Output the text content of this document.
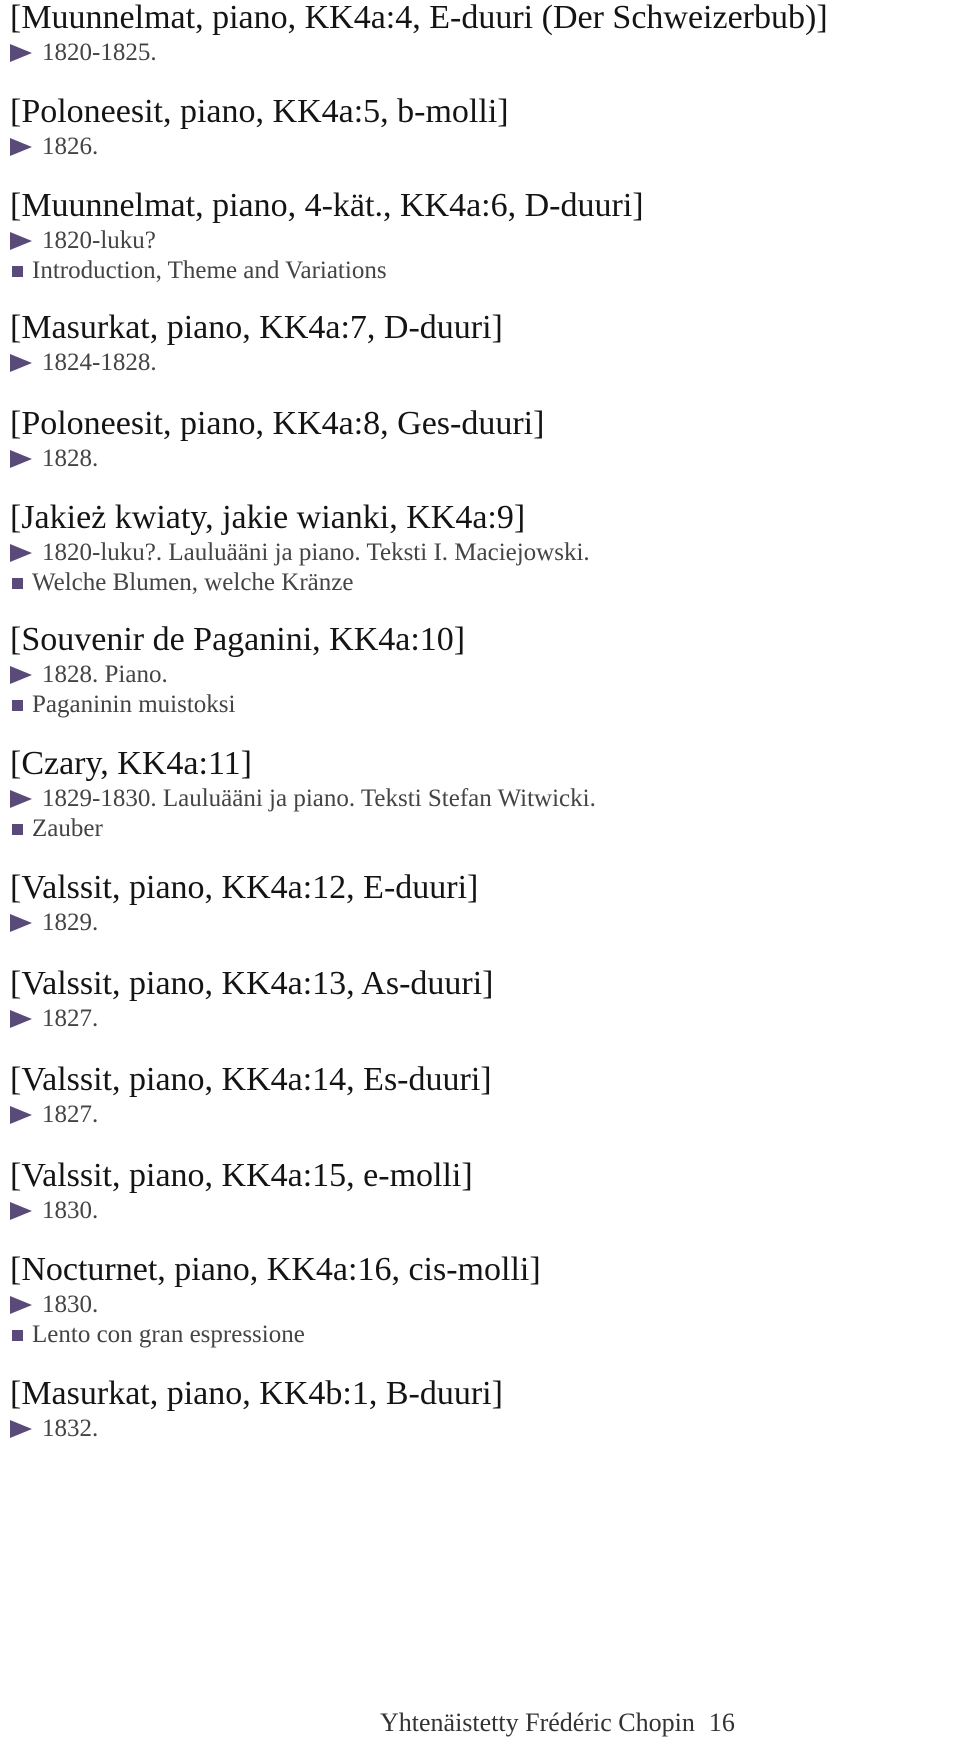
[Muunnelmat, piano, KK4a:4, E-duuri (Der Schweizerbub)]
1820-1825.
[Poloneesit, piano, KK4a:5, b-molli]
1826.
[Muunnelmat, piano, 4-kät., KK4a:6, D-duuri]
1820-luku?
Introduction, Theme and Variations
[Masurkat, piano, KK4a:7, D-duuri]
1824-1828.
[Poloneesit, piano, KK4a:8, Ges-duuri]
1828.
[Jakież kwiaty, jakie wianki, KK4a:9]
1820-luku?. Lauluääni ja piano. Teksti I. Maciejowski.
Welche Blumen, welche Kränze
[Souvenir de Paganini, KK4a:10]
1828. Piano.
Paganinin muistoksi
[Czary, KK4a:11]
1829-1830. Lauluääni ja piano. Teksti Stefan Witwicki.
Zauber
[Valssit, piano, KK4a:12, E-duuri]
1829.
[Valssit, piano, KK4a:13, As-duuri]
1827.
[Valssit, piano, KK4a:14, Es-duuri]
1827.
[Valssit, piano, KK4a:15, e-molli]
1830.
[Nocturnet, piano, KK4a:16, cis-molli]
1830.
Lento con gran espressione
[Masurkat, piano, KK4b:1, B-duuri]
1832.
Yhtenäistetty Frédéric Chopin 16
